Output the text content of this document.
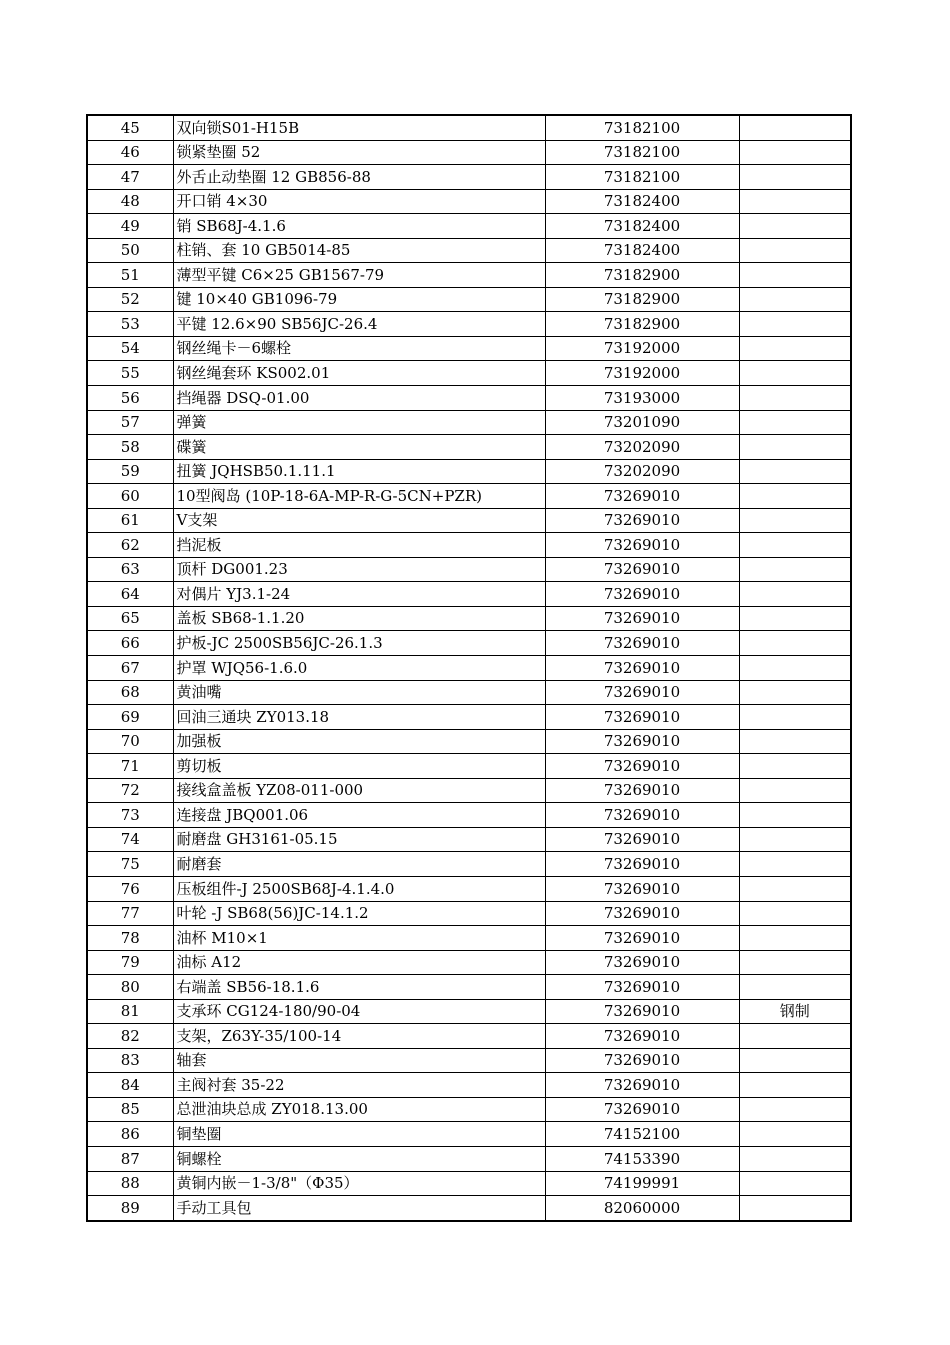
45	双向锁S01-H15B	73182100	
46	锁紧垫圈 52	73182100	
47	外舌止动垫圈 12 GB856-88	73182100	
48	开口销 4×30	73182400	
49	销 SB68J-4.1.6	73182400	
50	柱销、套 10 GB5014-85	73182400	
51	薄型平键 C6×25 GB1567-79	73182900	
52	键 10×40 GB1096-79	73182900	
53	平键 12.6×90 SB56JC-26.4	73182900	
54	钢丝绳卡－6螺栓	73192000	
55	钢丝绳套环 KS002.01	73192000	
56	挡绳器 DSQ-01.00	73193000	
57	弹簧	73201090	
58	碟簧	73202090	
59	扭簧 JQHSB50.1.11.1	73202090	
60	10型阀岛 (10P-18-6A-MP-R-G-5CN+PZR)	73269010	
61	V支架	73269010	
62	挡泥板	73269010	
63	顶杆 DG001.23	73269010	
64	对偶片 YJ3.1-24	73269010	
65	盖板 SB68-1.1.20	73269010	
66	护板-JC 2500SB56JC-26.1.3	73269010	
67	护罩 WJQ56-1.6.0	73269010	
68	黄油嘴	73269010	
69	回油三通块 ZY013.18	73269010	
70	加强板	73269010	
71	剪切板	73269010	
72	接线盒盖板 YZ08-011-000	73269010	
73	连接盘 JBQ001.06	73269010	
74	耐磨盘 GH3161-05.15	73269010	
75	耐磨套	73269010	
76	压板组件-J 2500SB68J-4.1.4.0	73269010	
77	叶轮 -J SB68(56)JC-14.1.2	73269010	
78	油杯 M10×1	73269010	
79	油标 A12	73269010	
80	右端盖 SB56-18.1.6	73269010	
81	支承环 CG124-180/90-04	73269010	钢制
82	支架，Z63Y-35/100-14	73269010	
83	轴套	73269010	
84	主阀衬套 35-22	73269010	
85	总泄油块总成 ZY018.13.00	73269010	
86	铜垫圈	74152100	
87	铜螺栓	74153390	
88	黄铜内嵌－1-3/8"（Φ35）	74199991	
89	手动工具包	82060000	
